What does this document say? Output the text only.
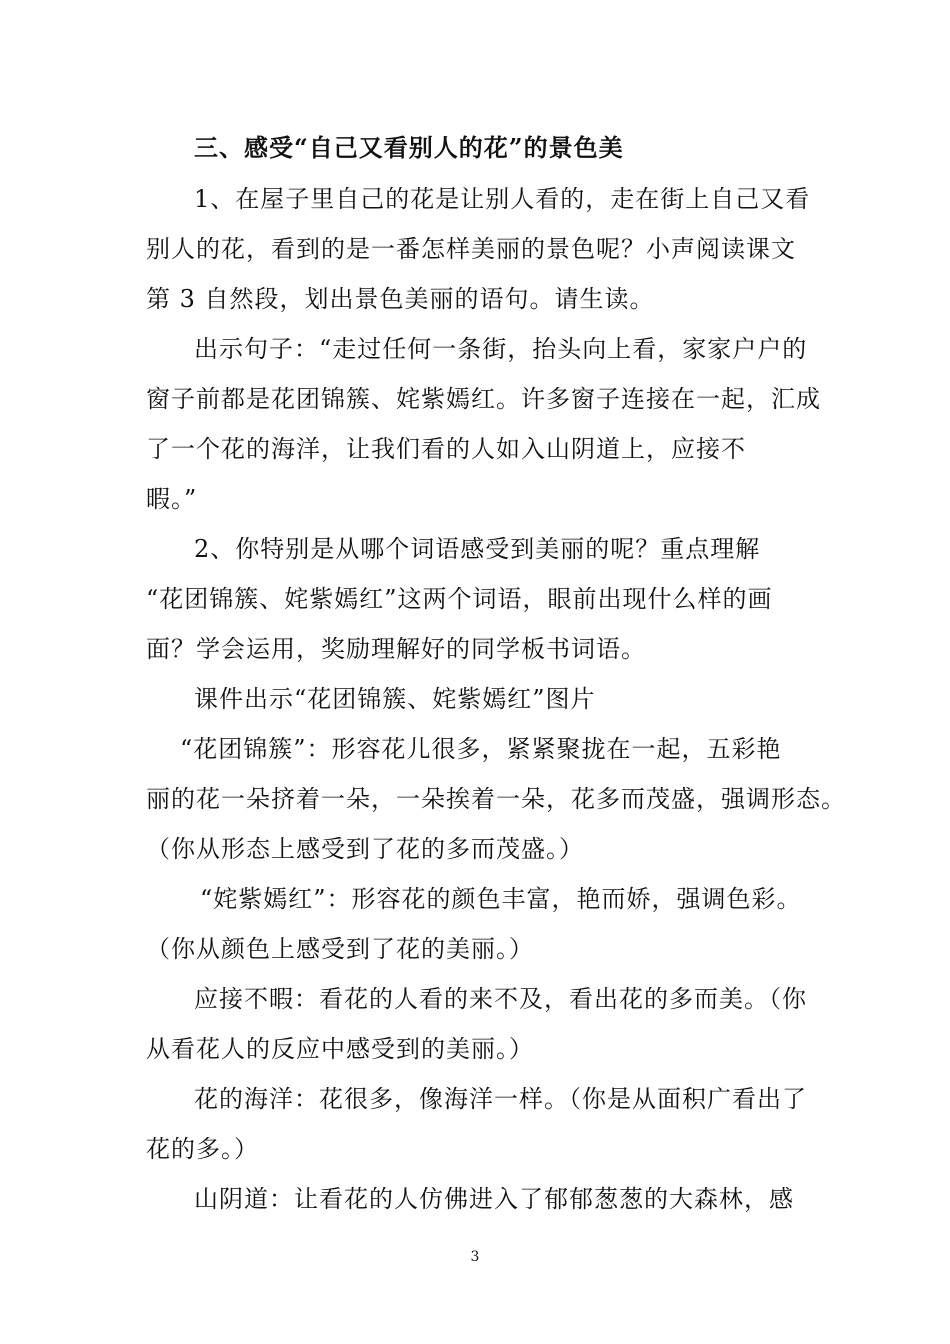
三、感受“自己又看别人的花”的景色美
1、在屋子里自己的花是让别人看的，走在街上自己又看
别人的花，看到的是一番怎样美丽的景色呢？小声阅读课文
第 3 自然段，划出景色美丽的语句。请生读。
出示句子：“走过任何一条街，抬头向上看，家家户户的
窗子前都是花团锦簇、姹紫嫣红。许多窗子连接在一起，汇成
了一个花的海洋，让我们看的人如入山阴道上，应接不
暇。”
2、你特别是从哪个词语感受到美丽的呢？重点理解
“花团锦簇、姹紫嫣红”这两个词语，眼前出现什么样的画
面？学会运用，奖励理解好的同学板书词语。
课件出示“花团锦簇、姹紫嫣红”图片
“花团锦簇”：形容花儿很多，紧紧聚拢在一起，五彩艳
丽的花一朵挤着一朵，一朵挨着一朵，花多而茂盛，强调形态。
（你从形态上感受到了花的多而茂盛。）
“姹紫嫣红”：形容花的颜色丰富，艳而娇，强调色彩。
（你从颜色上感受到了花的美丽。）
应接不暇：看花的人看的来不及，看出花的多而美。（你
从看花人的反应中感受到的美丽。）
花的海洋：花很多，像海洋一样。（你是从面积广看出了
花的多。）
山阴道：让看花的人仿佛进入了郁郁葱葱的大森林，感
3
